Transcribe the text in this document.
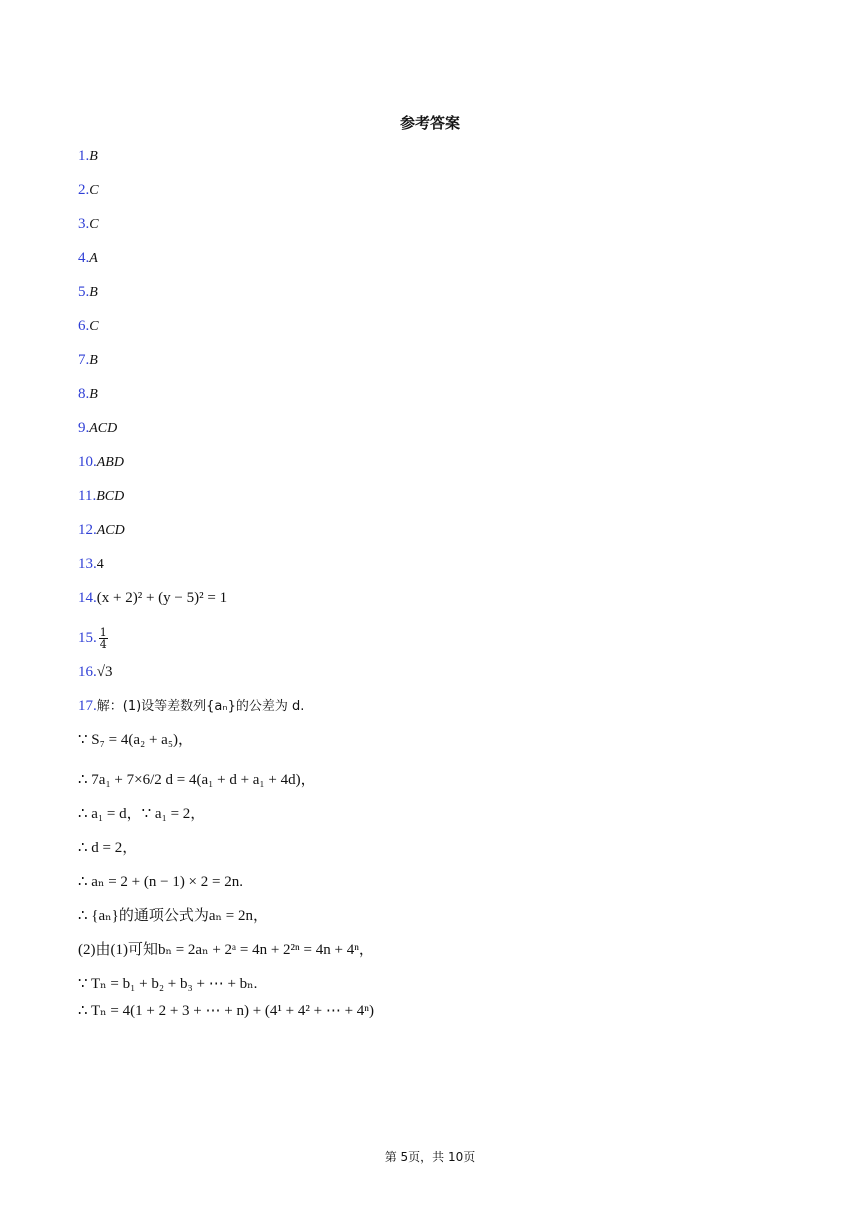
参考答案
1.B
2.C
3.C
4.A
5.B
6.C
7.B
8.B
9.ACD
10.ABD
11.BCD
12.ACD
13.4
14.(x + 2)² + (y − 5)² = 1
15. $\frac{1}{4}$
16.√3
17.解：(1)设等差数列{aₙ}的公差为 d.
∵ S₇ = 4(a₂ + a₅)，
∴ 7a₁ + 7×6/2 d = 4(a₁ + d + a₁ + 4d)，
∴ a₁ = d，∵ a₁ = 2，
∴ d = 2，
∴ aₙ = 2 + (n − 1) × 2 = 2n.
∴ {aₙ}的通项公式为aₙ = 2n，
(2)由(1)可知bₙ = 2aₙ + 2ᵃ = 4n + 2²ⁿ = 4n + 4ⁿ，
∵ Tₙ = b₁ + b₂ + b₃ + ⋯ + bₙ.
∴ Tₙ = 4(1 + 2 + 3 + ⋯ + n) + (4¹ + 4² + ⋯ + 4ⁿ)
第 5页，共 10页
